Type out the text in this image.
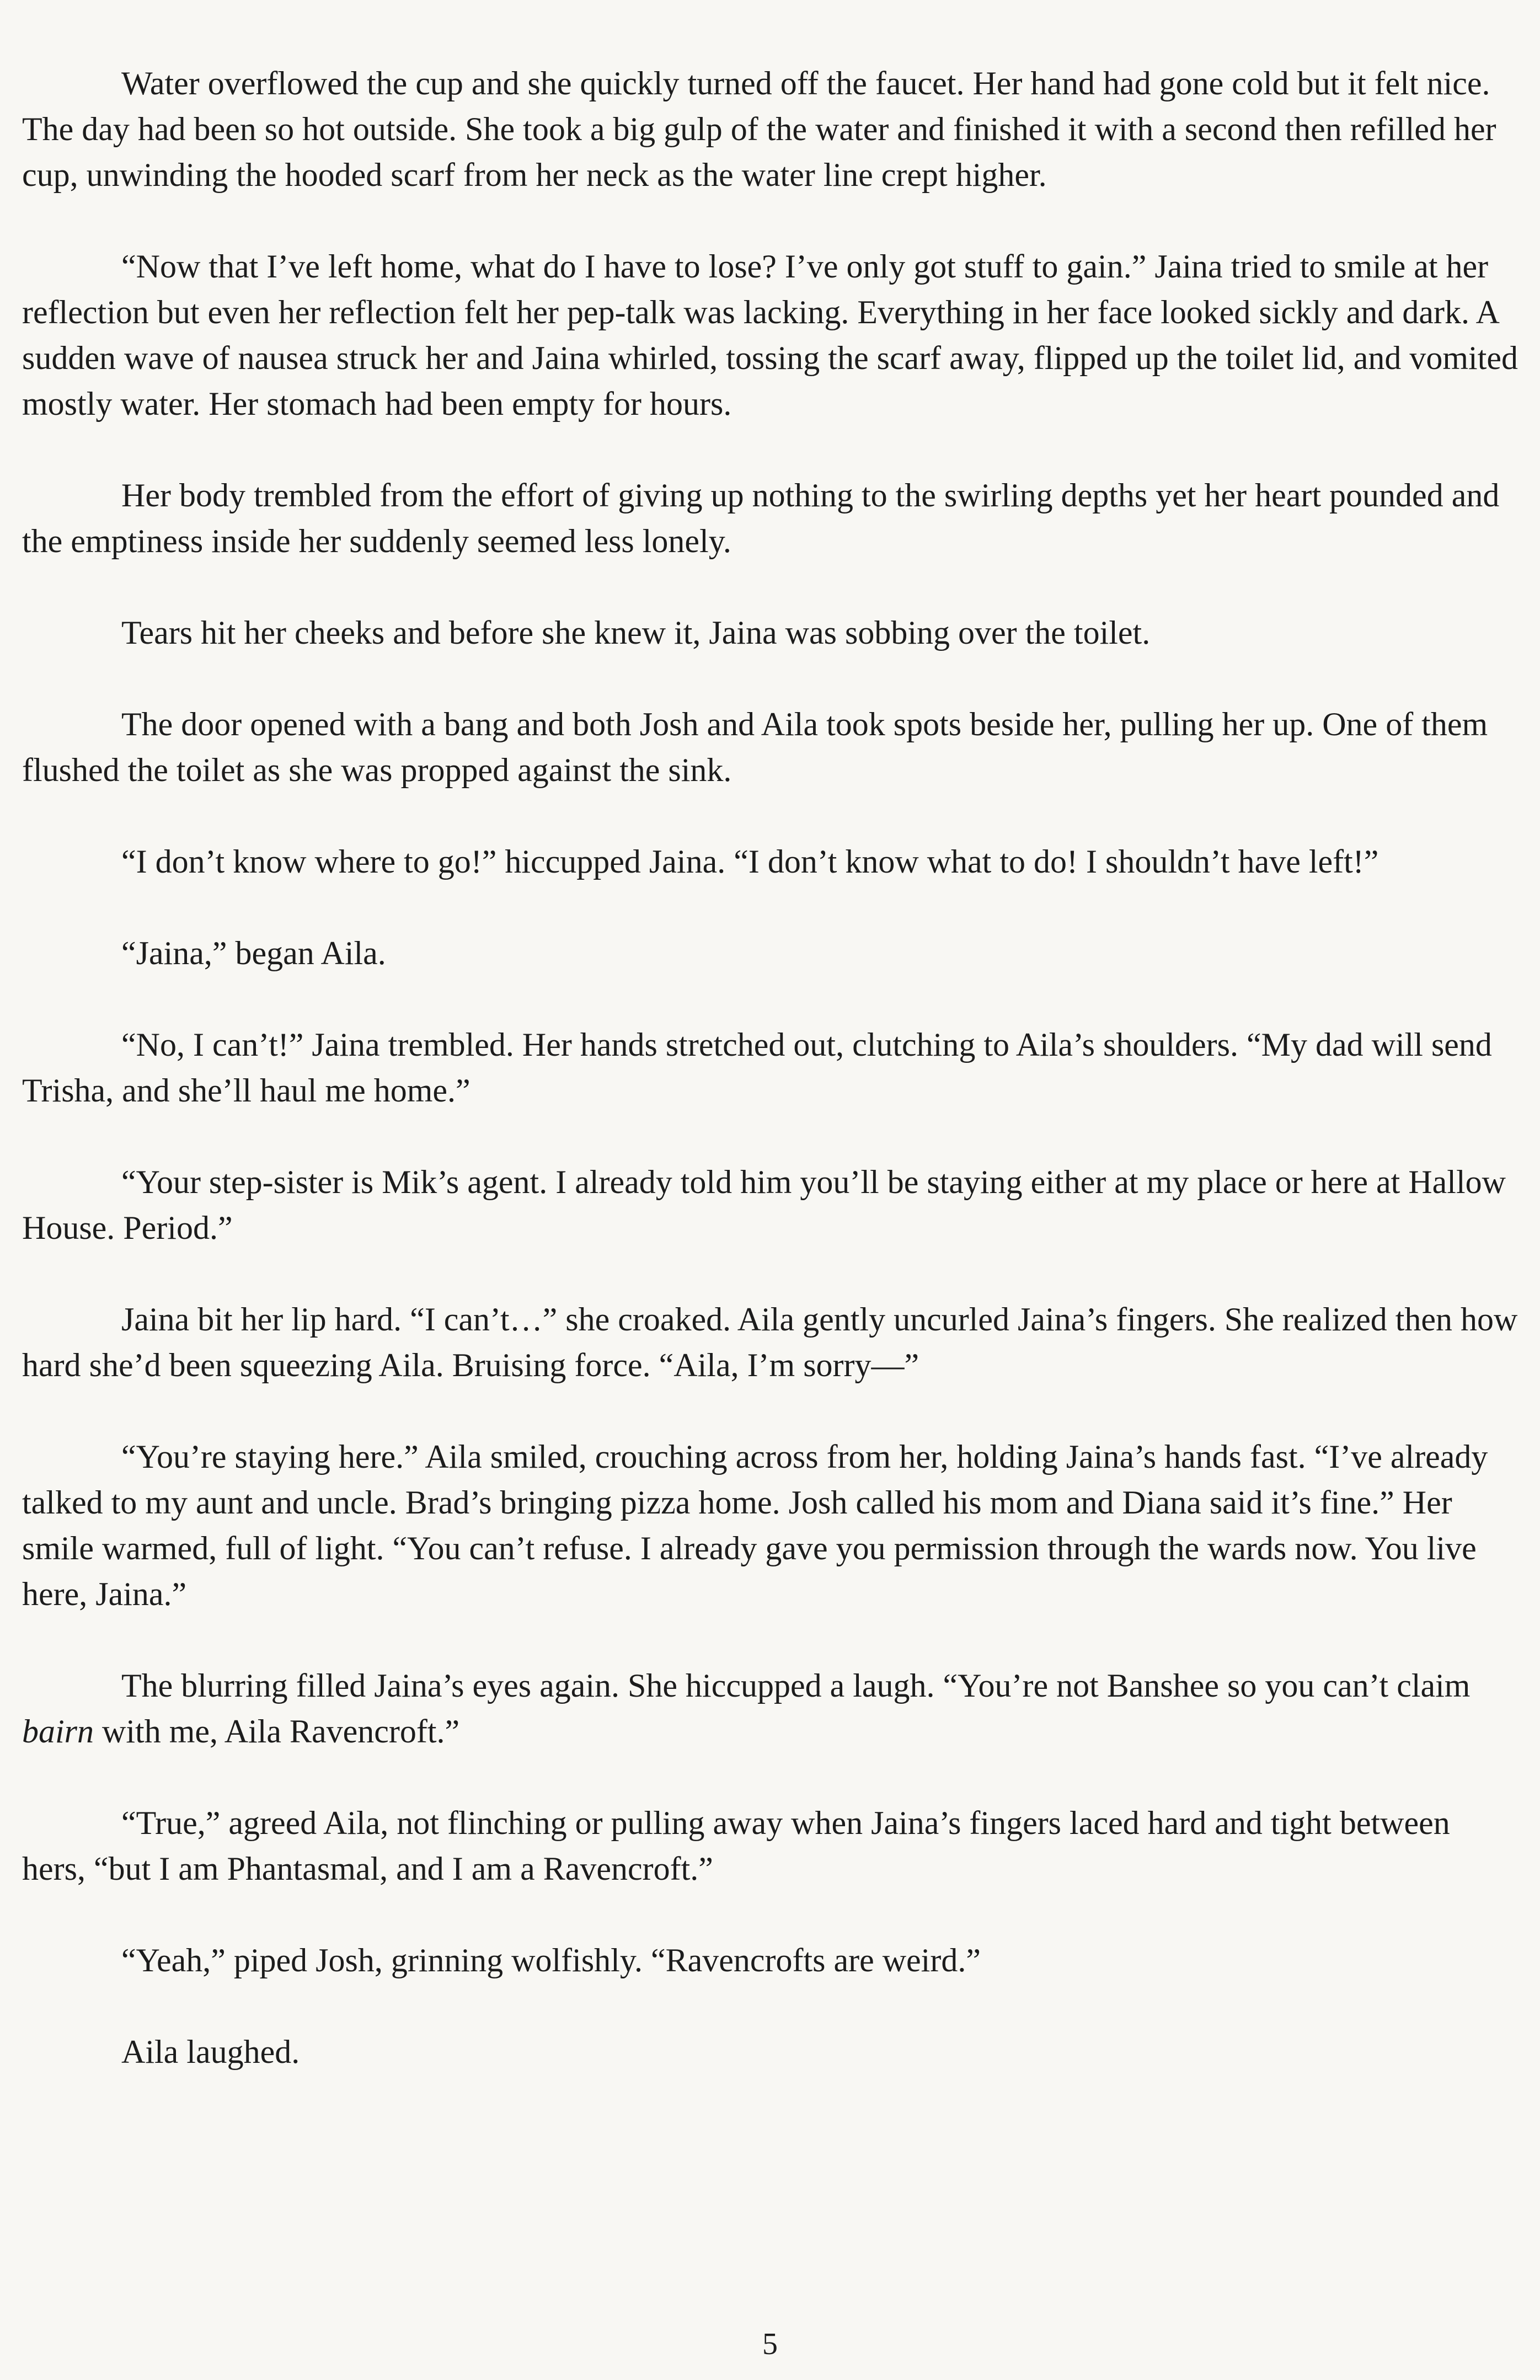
Water overflowed the cup and she quickly turned off the faucet. Her hand had gone cold but it felt nice. The day had been so hot outside. She took a big gulp of the water and finished it with a second then refilled her cup, unwinding the hooded scarf from her neck as the water line crept higher.

“Now that I’ve left home, what do I have to lose? I’ve only got stuff to gain.” Jaina tried to smile at her reflection but even her reflection felt her pep-talk was lacking. Everything in her face looked sickly and dark. A sudden wave of nausea struck her and Jaina whirled, tossing the scarf away, flipped up the toilet lid, and vomited mostly water. Her stomach had been empty for hours.

Her body trembled from the effort of giving up nothing to the swirling depths yet her heart pounded and the emptiness inside her suddenly seemed less lonely.

Tears hit her cheeks and before she knew it, Jaina was sobbing over the toilet.

The door opened with a bang and both Josh and Aila took spots beside her, pulling her up. One of them flushed the toilet as she was propped against the sink.

“I don’t know where to go!” hiccupped Jaina. “I don’t know what to do! I shouldn’t have left!”

“Jaina,” began Aila.

“No, I can’t!” Jaina trembled. Her hands stretched out, clutching to Aila’s shoulders. “My dad will send Trisha, and she’ll haul me home.”

“Your step-sister is Mik’s agent. I already told him you’ll be staying either at my place or here at Hallow House. Period.”

Jaina bit her lip hard. “I can’t…” she croaked. Aila gently uncurled Jaina’s fingers. She realized then how hard she’d been squeezing Aila. Bruising force. “Aila, I’m sorry—”

“You’re staying here.” Aila smiled, crouching across from her, holding Jaina’s hands fast. “I’ve already talked to my aunt and uncle. Brad’s bringing pizza home. Josh called his mom and Diana said it’s fine.” Her smile warmed, full of light. “You can’t refuse. I already gave you permission through the wards now. You live here, Jaina.”

The blurring filled Jaina’s eyes again. She hiccupped a laugh. “You’re not Banshee so you can’t claim bairn with me, Aila Ravencroft.”

“True,” agreed Aila, not flinching or pulling away when Jaina’s fingers laced hard and tight between hers, “but I am Phantasmal, and I am a Ravencroft.”

“Yeah,” piped Josh, grinning wolfishly. “Ravencrofts are weird.”

Aila laughed.

5
